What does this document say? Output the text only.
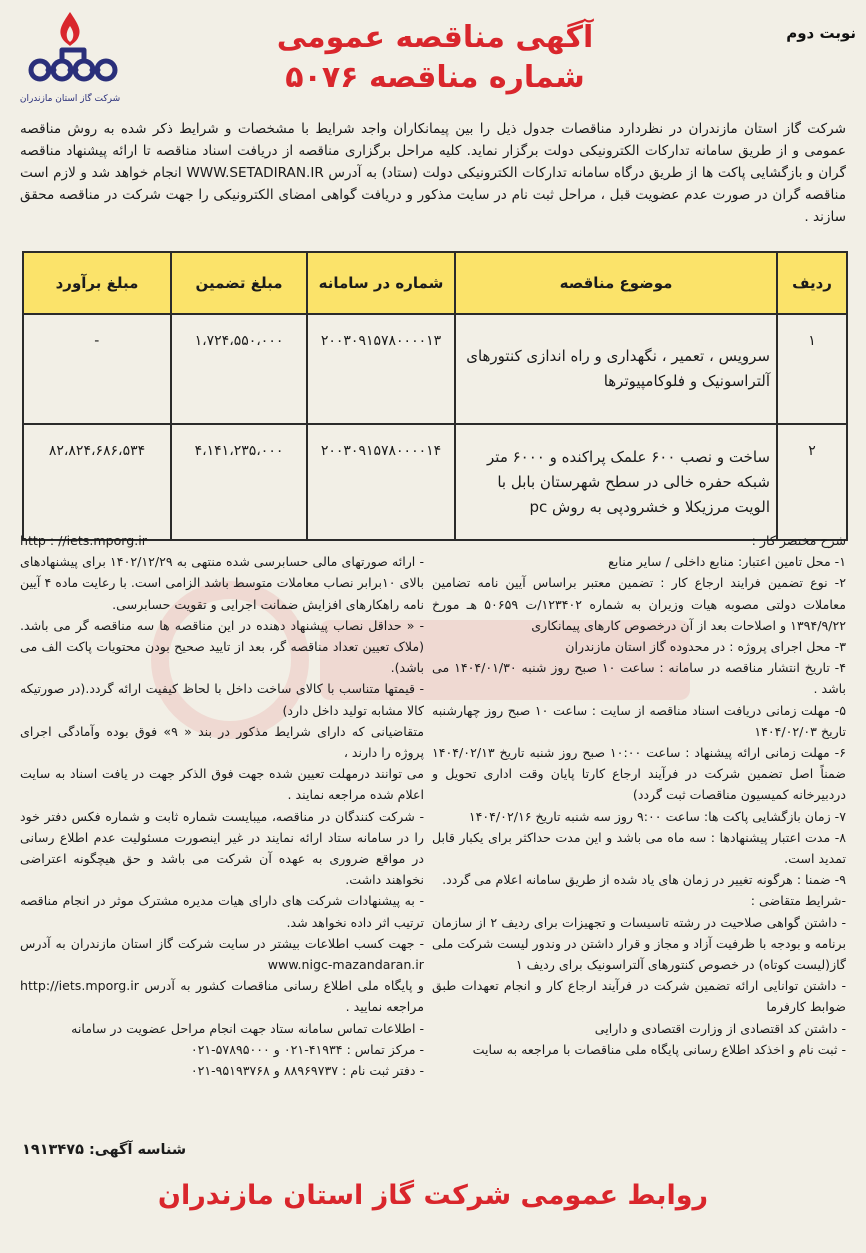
نوبت دوم
شرکت گاز استان مازندران
آگهی مناقصه عمومی
شماره مناقصه ۵۰۷۶
شرکت گاز استان مازندران در نظردارد مناقصات جدول ذیل را بین پیمانکاران واجد شرایط با مشخصات و شرایط ذکر شده به روش مناقصه عمومی و از طریق سامانه تدارکات الکترونیکی دولت برگزار نماید. کلیه مراحل برگزاری مناقصه از دریافت اسناد مناقصه تا ارائه پیشنهاد مناقصه گران و بازگشایی پاکت ها از طریق درگاه سامانه تدارکات الکترونیکی دولت (ستاد) به آدرس WWW.SETADIRAN.IR انجام خواهد شد و لازم است مناقصه گران در صورت عدم عضویت قبل ، مراحل ثبت نام در سایت مذکور و دریافت گواهی امضای الکترونیکی را جهت شرکت در مناقصه محقق سازند .
ردیف	موضوع مناقصه	شماره در سامانه	مبلغ تضمین	مبلغ برآورد
۱	سرویس ، تعمیر ، نگهداری و راه اندازی کنتورهای آلتراسونیک و فلوکامپیوترها	۲۰۰۳۰۹۱۵۷۸۰۰۰۰۱۳	۱،۷۲۴،۵۵۰،۰۰۰	-
۲	ساخت و نصب ۶۰۰ علمک پراکنده و ۶۰۰۰ متر شبکه حفره خالی در سطح شهرستان بابل با الویت مرزیکلا و خشرودپی به روش pc	۲۰۰۳۰۹۱۵۷۸۰۰۰۰۱۴	۴،۱۴۱،۲۳۵،۰۰۰	۸۲،۸۲۴،۶۸۶،۵۳۴

شرح مختصر کار :

۱- محل تامین اعتبار: منابع داخلی / سایر منابع

۲- نوع تضمین فرایند ارجاع کار : تضمین معتبر براساس آیین نامه تضامین معاملات دولتی مصوبه هیات وزیران به شماره ۱۲۳۴۰۲/ت ۵۰۶۵۹ هـ مورخ ۱۳۹۴/۹/۲۲ و اصلاحات بعد از آن درخصوص کارهای پیمانکاری

۳- محل اجرای پروژه : در محدوده گاز استان مازندران

۴- تاریخ انتشار مناقصه در سامانه : ساعت ۱۰ صبح روز شنبه ۱۴۰۴/۰۱/۳۰ می باشد .

۵- مهلت زمانی دریافت اسناد مناقصه از سایت : ساعت ۱۰ صبح روز چهارشنبه تاریخ ۱۴۰۴/۰۲/۰۳

۶- مهلت زمانی ارائه پیشنهاد : ساعت ۱۰:۰۰ صبح روز شنبه تاریخ ۱۴۰۴/۰۲/۱۳ ضمناً اصل تضمین شرکت در فرآیند ارجاع کارتا پایان وقت اداری تحویل و دردبیرخانه کمیسیون مناقصات ثبت گردد)

۷- زمان بازگشایی پاکت ها: ساعت ۹:۰۰ روز سه شنبه تاریخ ۱۴۰۴/۰۲/۱۶

۸- مدت اعتبار پیشنهادها : سه ماه می باشد و این مدت حداکثر برای یکبار قابل تمدید است.

۹- ضمنا : هرگونه تغییر در زمان های یاد شده از طریق سامانه اعلام می گردد.

-شرایط متقاضی :

- داشتن گواهی صلاحیت در رشته تاسیسات و تجهیزات برای ردیف ۲ از سازمان برنامه و بودجه با ظرفیت آزاد و مجاز و قرار داشتن در وندور لیست شرکت ملی گاز(لیست کوتاه) در خصوص کنتورهای آلتراسونیک برای ردیف ۱

- داشتن توانایی ارائه تضمین شرکت در فرآیند ارجاع کار و انجام تعهدات طبق ضوابط کارفرما

- داشتن کد اقتصادی از وزارت اقتصادی و دارایی

- ثبت نام و اخذکد اطلاع رسانی پایگاه ملی مناقصات با مراجعه به سایت

http : //iets.mporg.ir

- ارائه صورتهای مالی حسابرسی شده منتهی به ۱۴۰۲/۱۲/۲۹ برای پیشنهادهای بالای ۱۰برابر نصاب معاملات متوسط باشد الزامی است. با رعایت ماده ۴ آیین نامه راهکارهای افزایش ضمانت اجرایی و تقویت حسابرسی.

- « حداقل نصاب پیشنهاد دهنده در این مناقصه ها سه مناقصه گر می باشد. (ملاک تعیین تعداد مناقصه گر، بعد از تایید صحیح بودن محتویات پاکت الف می باشد).

- قیمتها متناسب با کالای ساخت داخل با لحاظ کیفیت ارائه گردد.(در صورتیکه کالا مشابه تولید داخل دارد)

متقاضیانی که دارای شرایط مذکور در بند « ۹» فوق بوده وآمادگی اجرای پروژه را دارند ،

می توانند درمهلت تعیین شده جهت فوق الذکر جهت در یافت اسناد به سایت اعلام شده مراجعه نمایند .

- شرکت کنندگان در مناقصه، میبایست شماره ثابت و شماره فکس دفتر خود را در سامانه ستاد ارائه نمایند در غیر اینصورت مسئولیت عدم اطلاع رسانی در مواقع ضروری به عهده آن شرکت می باشد و حق هیچگونه اعتراضی نخواهند داشت.

- به پیشنهادات شرکت های دارای هیات مدیره مشترک موثر در انجام مناقصه ترتیب اثر داده نخواهد شد.

- جهت کسب اطلاعات بیشتر در سایت شرکت گاز استان مازندران به آدرس www.nigc-mazandaran.ir

و پایگاه ملی اطلاع رسانی مناقصات کشور به آدرس http://iets.mporg.ir مراجعه نمایید .

- اطلاعات تماس سامانه ستاد جهت انجام مراحل عضویت در سامانه

- مرکز تماس : ۴۱۹۳۴-۰۲۱ و ۵۷۸۹۵۰۰۰-۰۲۱

- دفتر ثبت نام : ۸۸۹۶۹۷۳۷ و ۹۵۱۹۳۷۶۸-۰۲۱

شناسه آگهی: ۱۹۱۳۴۷۵
روابط عمومی شرکت گاز استان مازندران
